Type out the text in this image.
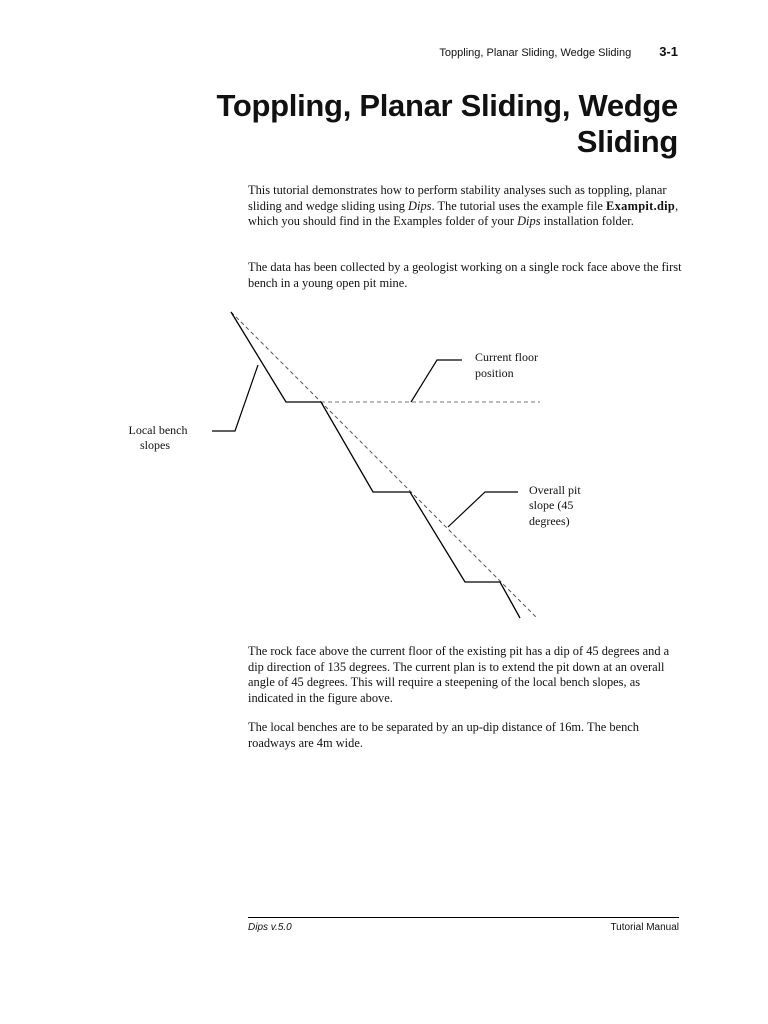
Toppling, Planar Sliding, Wedge Sliding 3-1
Toppling, Planar Sliding, Wedge
Sliding

This tutorial demonstrates how to perform stability analyses such as toppling, planar sliding and wedge sliding using Dips. The tutorial uses the example file Exampit.dip, which you should find in the Examples folder of your Dips installation folder.

The data has been collected by a geologist working on a single rock face above the first bench in a young open pit mine.

Current floor
position
Local bench
slopes
Overall pit
slope (45
degrees)

The rock face above the current floor of the existing pit has a dip of 45 degrees and a dip direction of 135 degrees. The current plan is to extend the pit down at an overall angle of 45 degrees. This will require a steepening of the local bench slopes, as indicated in the figure above.

The local benches are to be separated by an up-dip distance of 16m. The bench roadways are 4m wide.

Dips v.5.0	Tutorial Manual
